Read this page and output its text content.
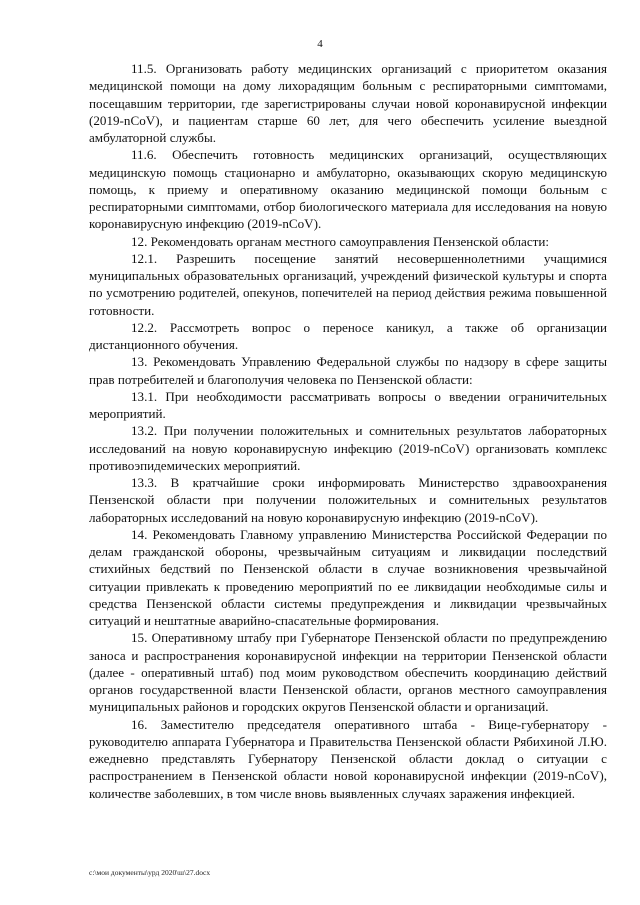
4

11.5. Организовать работу медицинских организаций с приоритетом оказания медицинской помощи на дому лихорадящим больным с респираторными симптомами, посещавшим территории, где зарегистрированы случаи новой коронавирусной инфекции (2019-nCoV), и пациентам старше 60 лет, для чего обеспечить усиление выездной амбулаторной службы.

11.6. Обеспечить готовность медицинских организаций, осуществляющих медицинскую помощь стационарно и амбулаторно, оказывающих скорую медицинскую помощь, к приему и оперативному оказанию медицинской помощи больным с респираторными симптомами, отбор биологического материала для исследования на новую коронавирусную инфекцию (2019-nCoV).

12. Рекомендовать органам местного самоуправления Пензенской области:

12.1. Разрешить посещение занятий несовершеннолетними учащимися муниципальных образовательных организаций, учреждений физической культуры и спорта по усмотрению родителей, опекунов, попечителей на период действия режима повышенной готовности.

12.2. Рассмотреть вопрос о переносе каникул, а также об организации дистанционного обучения.

13. Рекомендовать Управлению Федеральной службы по надзору в сфере защиты прав потребителей и благополучия человека по Пензенской области:

13.1. При необходимости рассматривать вопросы о введении ограничительных мероприятий.

13.2. При получении положительных и сомнительных результатов лабораторных исследований на новую коронавирусную инфекцию (2019-nCoV) организовать комплекс противоэпидемических мероприятий.

13.3. В кратчайшие сроки информировать Министерство здравоохранения Пензенской области при получении положительных и сомнительных результатов лабораторных исследований на новую коронавирусную инфекцию (2019-nCoV).

14. Рекомендовать Главному управлению Министерства Российской Федерации по делам гражданской обороны, чрезвычайным ситуациям и ликвидации последствий стихийных бедствий по Пензенской области в случае возникновения чрезвычайной ситуации привлекать к проведению мероприятий по ее ликвидации необходимые силы и средства Пензенской области системы предупреждения и ликвидации чрезвычайных ситуаций и нештатные аварийно-спасательные формирования.

15. Оперативному штабу при Губернаторе Пензенской области по предупреждению заноса и распространения коронавирусной инфекции на территории Пензенской области (далее - оперативный штаб) под моим руководством обеспечить координацию действий органов государственной власти Пензенской области, органов местного самоуправления муниципальных районов и городских округов Пензенской области и организаций.

16. Заместителю председателя оперативного штаба - Вице-губернатору - руководителю аппарата Губернатора и Правительства Пензенской области Рябихиной Л.Ю. ежедневно представлять Губернатору Пензенской области доклад о ситуации с распространением в Пензенской области новой коронавирусной инфекции (2019-nCoV), количестве заболевших, в том числе вновь выявленных случаях заражения инфекцией.

c:\мои документы\урд 2020\ш\27.docx
